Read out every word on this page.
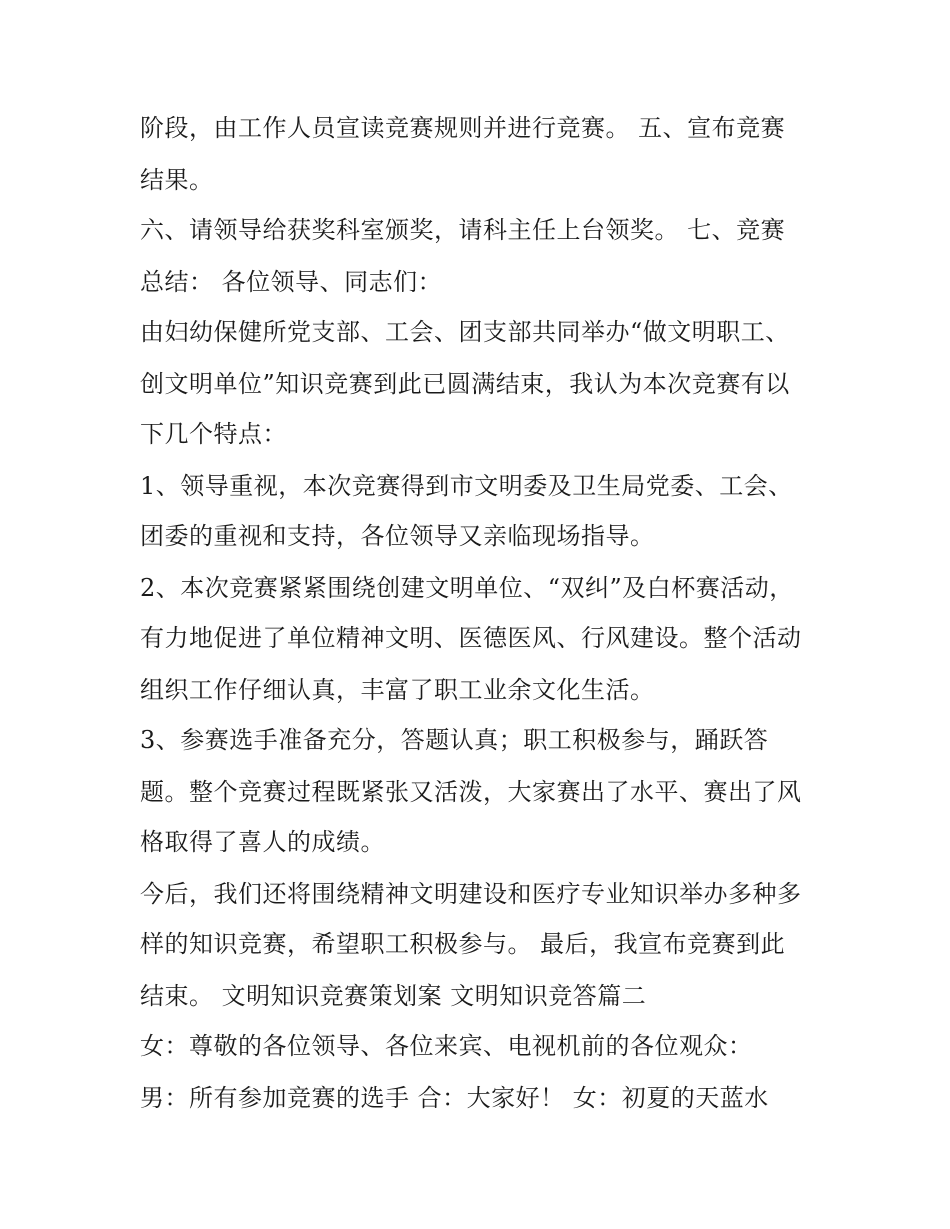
阶段，由工作人员宣读竞赛规则并进行竞赛。 五、宣布竞赛
结果。
六、请领导给获奖科室颁奖，请科主任上台领奖。 七、竞赛
总结： 各位领导、同志们：
由妇幼保健所党支部、工会、团支部共同举办“做文明职工、
创文明单位”知识竞赛到此已圆满结束，我认为本次竞赛有以
下几个特点：
1、领导重视，本次竞赛得到市文明委及卫生局党委、工会、
团委的重视和支持，各位领导又亲临现场指导。
2、本次竞赛紧紧围绕创建文明单位、“双纠”及白杯赛活动，
有力地促进了单位精神文明、医德医风、行风建设。整个活动
组织工作仔细认真，丰富了职工业余文化生活。
3、参赛选手准备充分，答题认真；职工积极参与，踊跃答
题。整个竞赛过程既紧张又活泼，大家赛出了水平、赛出了风
格取得了喜人的成绩。
今后，我们还将围绕精神文明建设和医疗专业知识举办多种多
样的知识竞赛，希望职工积极参与。 最后，我宣布竞赛到此
结束。 文明知识竞赛策划案 文明知识竞答篇二
女：尊敬的各位领导、各位来宾、电视机前的各位观众：
男：所有参加竞赛的选手 合：大家好！ 女：初夏的天蓝水
